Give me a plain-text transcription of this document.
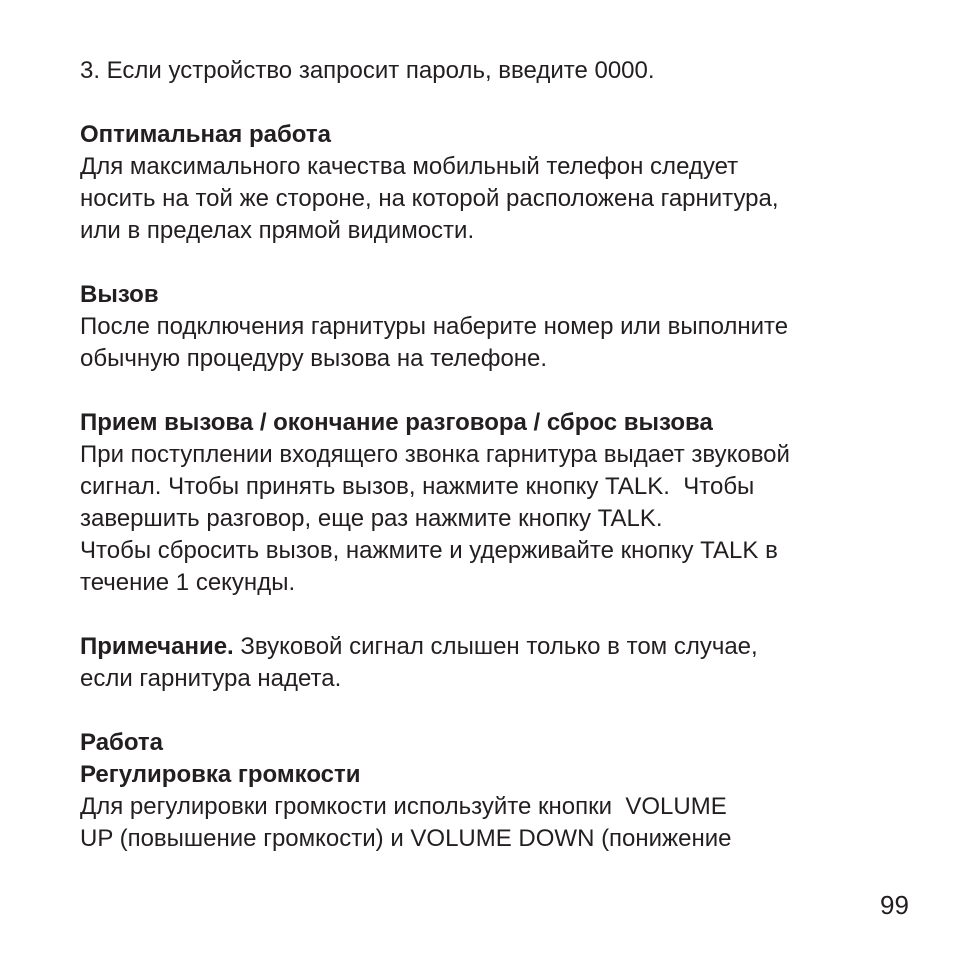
3. Если устройство запросит пароль, введите 0000.
Оптимальная работа
Для максимального качества мобильный телефон следует
носить на той же стороне, на которой расположена гарнитура,
или в пределах прямой видимости.
Вызов
После подключения гарнитуры наберите номер или выполните
обычную процедуру вызова на телефоне.
Прием вызова / окончание разговора / сброс вызова
При поступлении входящего звонка гарнитура выдает звуковой
сигнал. Чтобы принять вызов, нажмите кнопку TALK.  Чтобы
завершить разговор, еще раз нажмите кнопку TALK.
Чтобы сбросить вызов, нажмите и удерживайте кнопку TALK в
течение 1 секунды.
Примечание. Звуковой сигнал слышен только в том случае,
если гарнитура надета.
Работа
Регулировка громкости
Для регулировки громкости используйте кнопки  VOLUME
UP (повышение громкости) и VOLUME DOWN (понижение
99
